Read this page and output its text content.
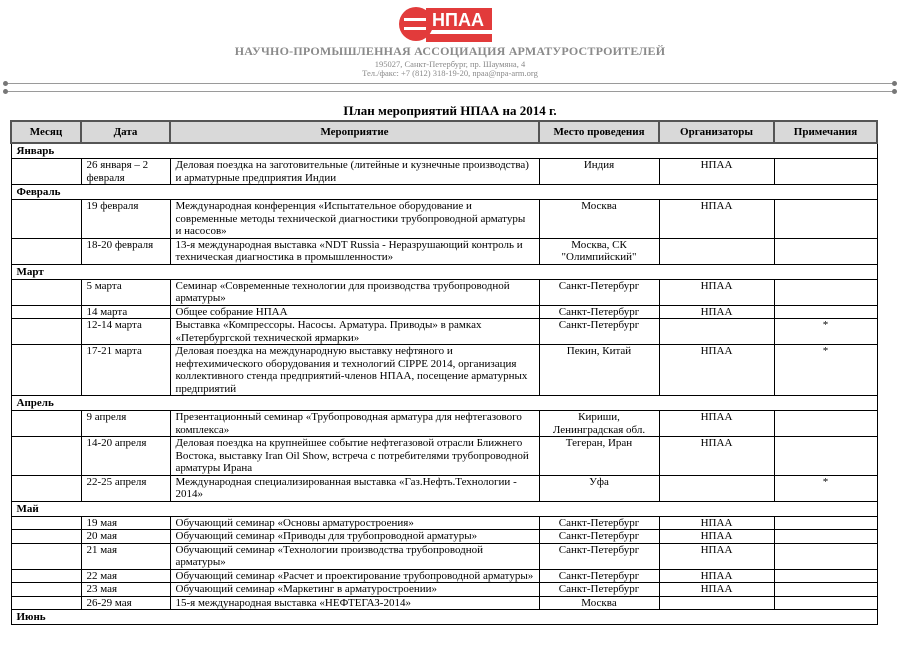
НПАА
НАУЧНО-ПРОМЫШЛЕННАЯ АССОЦИАЦИЯ АРМАТУРОСТРОИТЕЛЕЙ
195027, Санкт-Петербург, пр. Шаумяна, 4
Тел./факс: +7 (812) 318-19-20, npaa@npa-arm.org
План мероприятий НПАА на 2014 г.
Месяц	Дата	Мероприятие	Место проведения	Организаторы	Примечания
Январь					
	26 января – 2 февраля	Деловая поездка на заготовительные (литейные и кузнечные производства) и арматурные предприятия Индии	Индия	НПАА	
Февраль					
	19 февраля	Международная конференция «Испытательное оборудование и современные методы технической диагностики трубопроводной арматуры и насосов»	Москва	НПАА	
	18-20 февраля	13-я международная выставка «NDT Russia - Неразрушающий контроль и техническая диагностика в промышленности»	Москва, СК "Олимпийский"		
Март					
	5 марта	Семинар «Современные технологии для производства трубопроводной арматуры»	Санкт-Петербург	НПАА	
	14 марта	Общее собрание НПАА	Санкт-Петербург	НПАА	
	12-14 марта	Выставка «Компрессоры. Насосы. Арматура. Приводы» в рамках «Петербургской технической ярмарки»	Санкт-Петербург		*
	17-21 марта	Деловая поездка на международную выставку нефтяного и нефтехимического оборудования и технологий CIPPE 2014, организация коллективного стенда предприятий-членов НПАА, посещение арматурных предприятий	Пекин, Китай	НПАА	*
Апрель					
	9 апреля	Презентационный семинар «Трубопроводная арматура для нефтегазового комплекса»	Кириши, Ленинградская обл.	НПАА	
	14-20 апреля	Деловая поездка на крупнейшее событие нефтегазовой отрасли Ближнего Востока, выставку Iran Oil Show, встреча с потребителями трубопроводной арматуры Ирана	Тегеран, Иран	НПАА	
	22-25 апреля	Международная специализированная выставка «Газ.Нефть.Технологии - 2014»	Уфа		*
Май					
	19 мая	Обучающий семинар «Основы арматуростроения»	Санкт-Петербург	НПАА	
	20 мая	Обучающий семинар «Приводы для трубопроводной арматуры»	Санкт-Петербург	НПАА	
	21 мая	Обучающий семинар «Технологии производства трубопроводной арматуры»	Санкт-Петербург	НПАА	
	22 мая	Обучающий семинар «Расчет и проектирование трубопроводной арматуры»	Санкт-Петербург	НПАА	
	23 мая	Обучающий семинар «Маркетинг в арматуростроении»	Санкт-Петербург	НПАА	
	26-29 мая	15-я международная выставка «НЕФТЕГАЗ-2014»	Москва		
Июнь					
